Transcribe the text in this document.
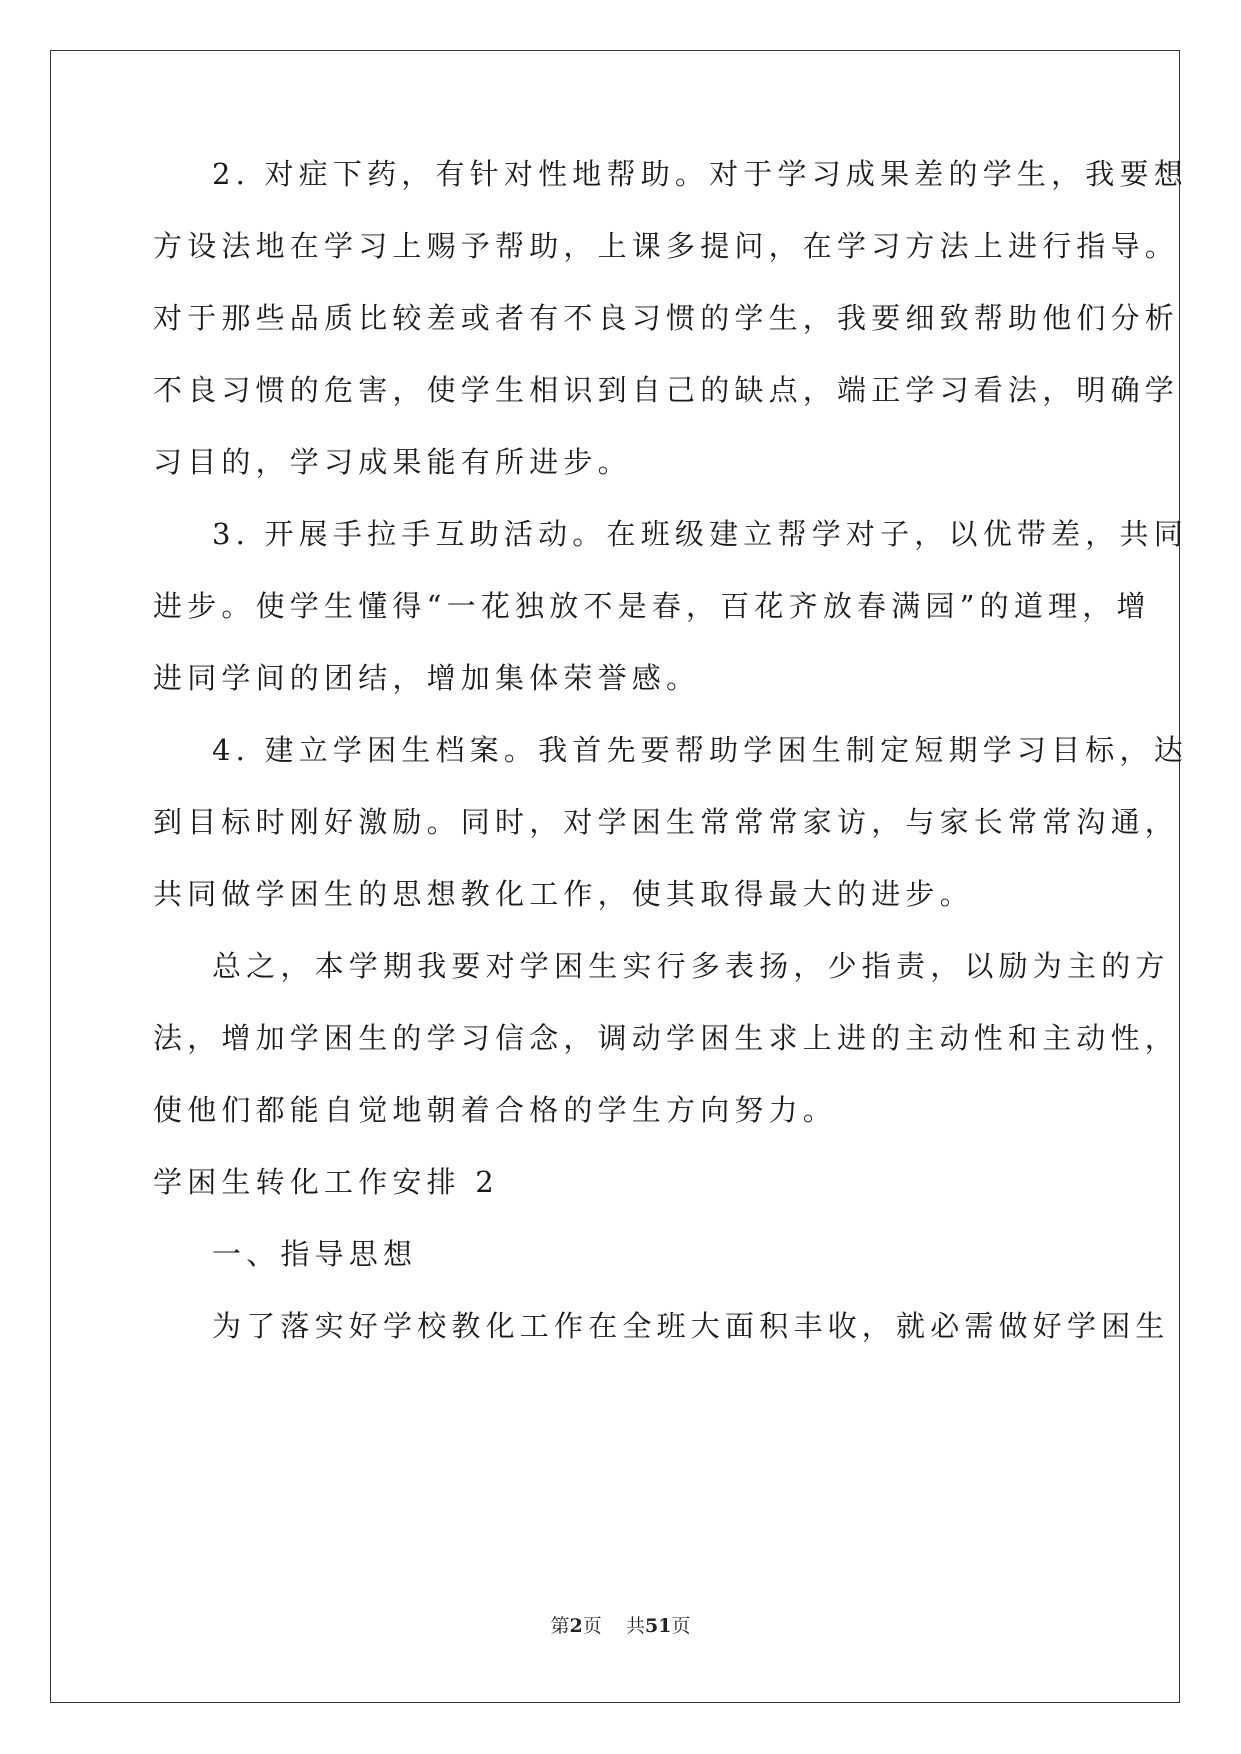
2. 对症下药，有针对性地帮助。对于学习成果差的学生，我要想
方设法地在学习上赐予帮助，上课多提问，在学习方法上进行指导。
对于那些品质比较差或者有不良习惯的学生，我要细致帮助他们分析
不良习惯的危害，使学生相识到自己的缺点，端正学习看法，明确学
习目的，学习成果能有所进步。
3. 开展手拉手互助活动。在班级建立帮学对子，以优带差，共同
进步。使学生懂得“一花独放不是春，百花齐放春满园”的道理，增
进同学间的团结，增加集体荣誉感。
4. 建立学困生档案。我首先要帮助学困生制定短期学习目标，达
到目标时刚好激励。同时，对学困生常常常家访，与家长常常沟通，
共同做学困生的思想教化工作，使其取得最大的进步。
总之，本学期我要对学困生实行多表扬，少指责，以励为主的方
法，增加学困生的学习信念，调动学困生求上进的主动性和主动性，
使他们都能自觉地朝着合格的学生方向努力。
学困生转化工作安排 2
一、指导思想
为了落实好学校教化工作在全班大面积丰收，就必需做好学困生
第2页 共51页
